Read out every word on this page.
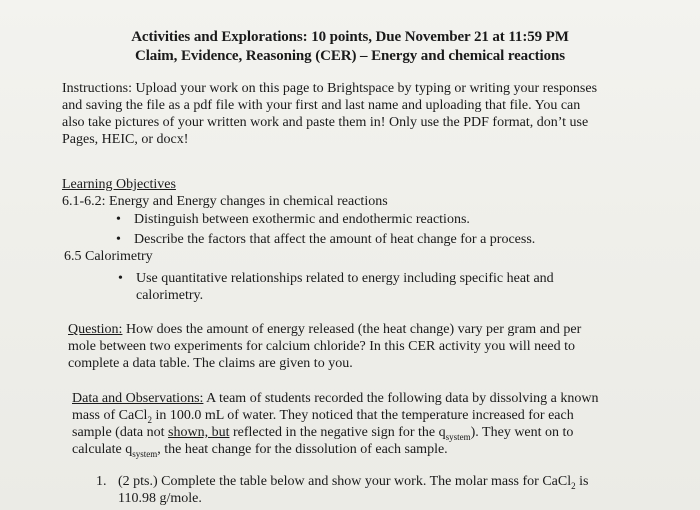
Activities and Explorations: 10 points, Due November 21 at 11:59 PM
Claim, Evidence, Reasoning (CER) – Energy and chemical reactions
Instructions: Upload your work on this page to Brightspace by typing or writing your responses
and saving the file as a pdf file with your first and last name and uploading that file. You can
also take pictures of your written work and paste them in! Only use the PDF format, don’t use
Pages, HEIC, or docx!
Learning Objectives
6.1-6.2: Energy and Energy changes in chemical reactions
• Distinguish between exothermic and endothermic reactions.
• Describe the factors that affect the amount of heat change for a process.
6.5 Calorimetry
• Use quantitative relationships related to energy including specific heat and
calorimetry.
Question: How does the amount of energy released (the heat change) vary per gram and per
mole between two experiments for calcium chloride? In this CER activity you will need to
complete a data table. The claims are given to you.
Data and Observations: A team of students recorded the following data by dissolving a known
mass of CaCl$_2$ in 100.0 mL of water. They noticed that the temperature increased for each
sample (data not shown, but reflected in the negative sign for the $q_{system}$). They went on to
calculate $q_{system}$, the heat change for the dissolution of each sample.
1. (2 pts.) Complete the table below and show your work. The molar mass for CaCl$_2$ is
110.98 g/mole.
